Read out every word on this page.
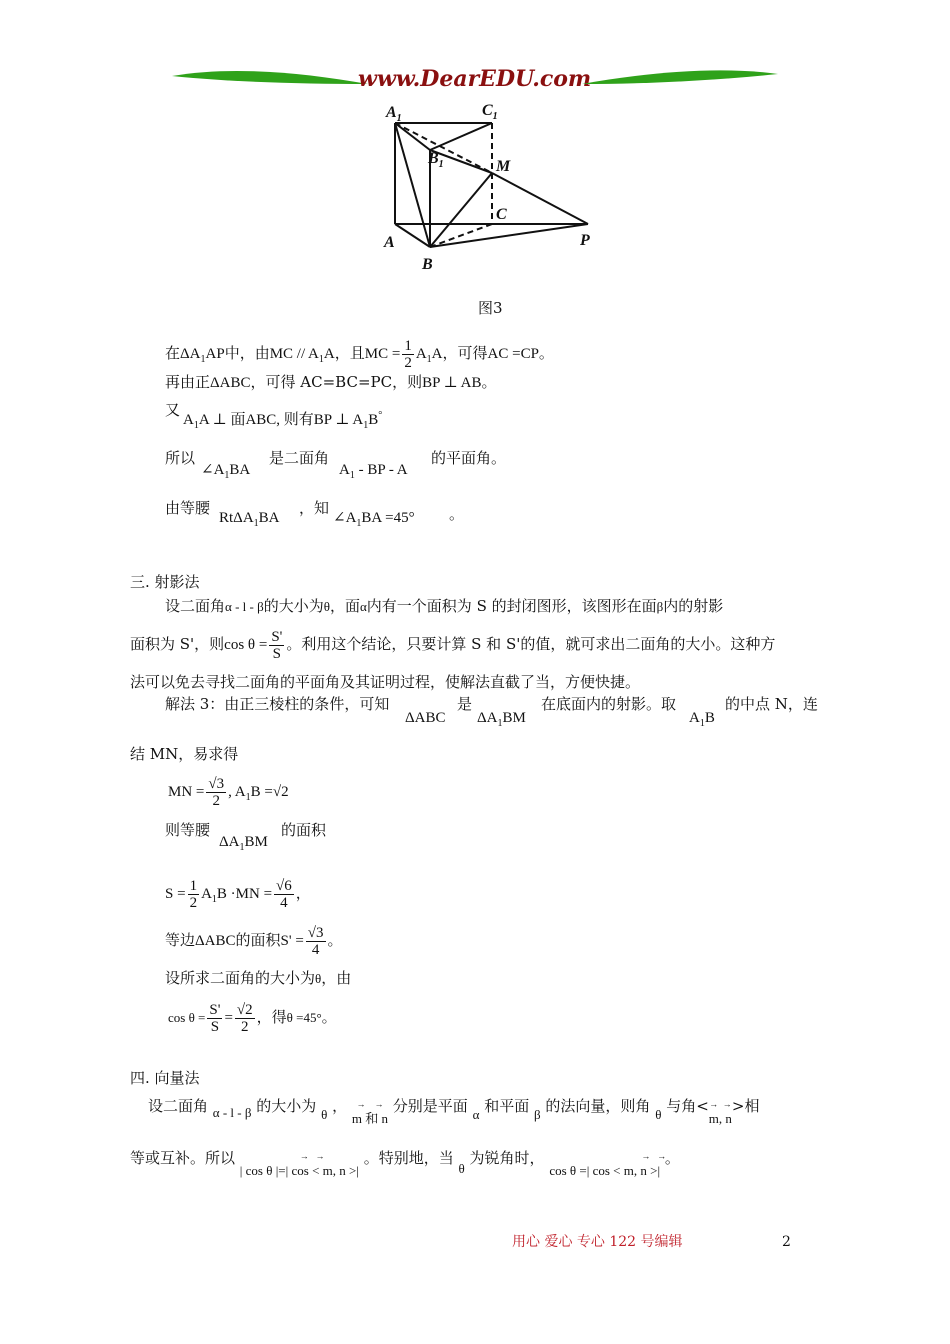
www.DearEDU.com
$A_1$	$C_1$
$B_1$	M
C
A
B
P
图3
在$\Delta A_1AP$中，由MC // $A_1A$，且MC = $\frac{1}{2} A_1A$，可得AC =CP。
再由正ΔABC，可得 AC=BC=PC，则BP ⊥ AB。
又
$A_1A$ ⊥ 面ABC, 则有BP ⊥ $A_1B^\circ$
所以
$\angle A_1BA$
是二面角
$A_1$ - BP - A
的平面角。
由等腰
RtΔA$_1$BA
，知
$\angle A_1BA =45^\circ$ 。
三. 射影法
设二面角α - l - β的大小为θ，面α内有一个面积为 S 的封闭图形，该图形在面β内的射影
面积为 S'，则$\cos \theta = \frac{S'}{S}$ 。利用这个结论，只要计算 S 和 S'的值，就可求出二面角的大小。这种方
法可以免去寻找二面角的平面角及其证明过程，使解法直截了当，方便快捷。
解法 3：由正三棱柱的条件，可知
ΔABC
是
$\Delta A_1BM$
在底面内的射影。取
$A_1B$
的中点 N，连
结 MN，易求得
MN = $\frac{√3}{2}$ , $A_1B =√2$
则等腰
$\Delta A_1BM$
的面积
$S = \frac{1}{2} A_1B \cdot MN = \frac{√6}{4}$ ，
等边ΔABC的面积$S' = \frac{√3}{4}$ 。
设所求二面角的大小为θ，由
$\cos \theta = \frac{S'}{S} = \frac{√2}{2}$ ，得θ =45°。
四. 向量法
设二面角 α - l - β 的大小为 θ ，	→    →
m 和 n 分别是平面 α 和平面 β 的法向量，则角 θ 与角< →  →
m, n>相
等或互补。所以	→   →
| cos θ |=| cos < m, n >| 。特别地，当 θ 为锐角时，	→   →
cos θ =| cos < m, n >| 。
用心 爱心 专心 122 号编辑	2
